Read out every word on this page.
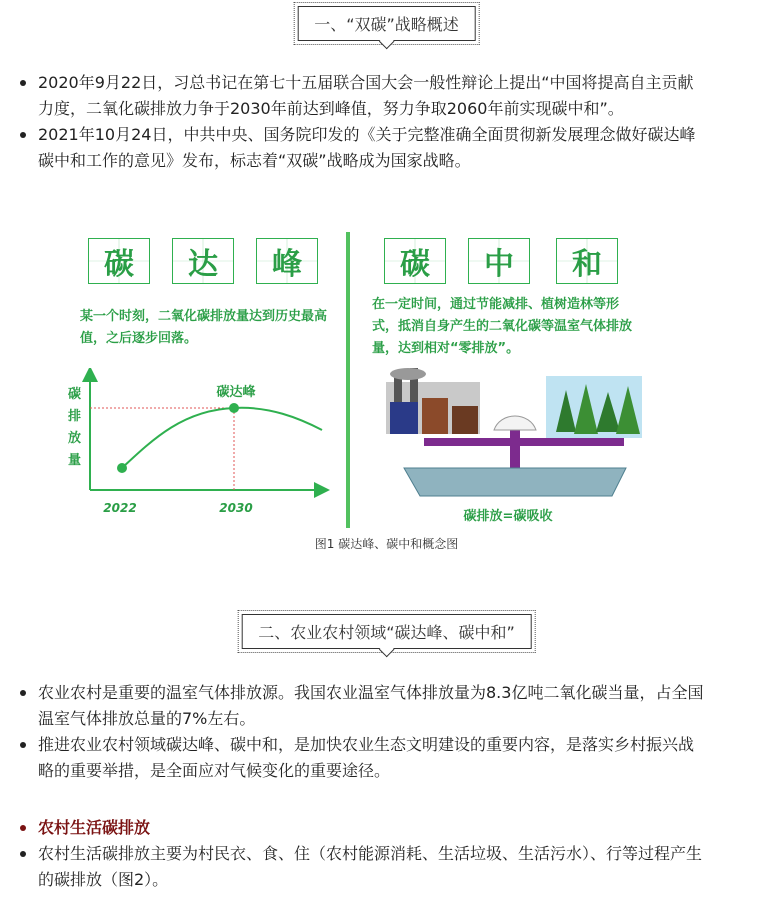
一、“双碳”战略概述
2020年9月22日，习总书记在第七十五届联合国大会一般性辩论上提出“中国将提高自主贡献力度，二氧化碳排放力争于2030年前达到峰值，努力争取2060年前实现碳中和”。
2021年10月24日，中共中央、国务院印发的《关于完整准确全面贯彻新发展理念做好碳达峰碳中和工作的意见》发布，标志着“双碳”战略成为国家战略。
碳	达	峰
某一个时刻，二氧化碳排放量达到历史最高值，之后逐步回落。
碳达峰
2022	2030
碳排放量
碳	中	和
在一定时间，通过节能减排、植树造林等形式，抵消自身产生的二氧化碳等温室气体排放量，达到相对“零排放”。
碳排放=碳吸收
图1 碳达峰、碳中和概念图
二、农业农村领域“碳达峰、碳中和”
农业农村是重要的温室气体排放源。我国农业温室气体排放量为8.3亿吨二氧化碳当量，占全国温室气体排放总量的7%左右。
推进农业农村领域碳达峰、碳中和，是加快农业生态文明建设的重要内容，是落实乡村振兴战略的重要举措，是全面应对气候变化的重要途径。
农村生活碳排放
农村生活碳排放主要为村民衣、食、住（农村能源消耗、生活垃圾、生活污水）、行等过程产生的碳排放（图2）。
